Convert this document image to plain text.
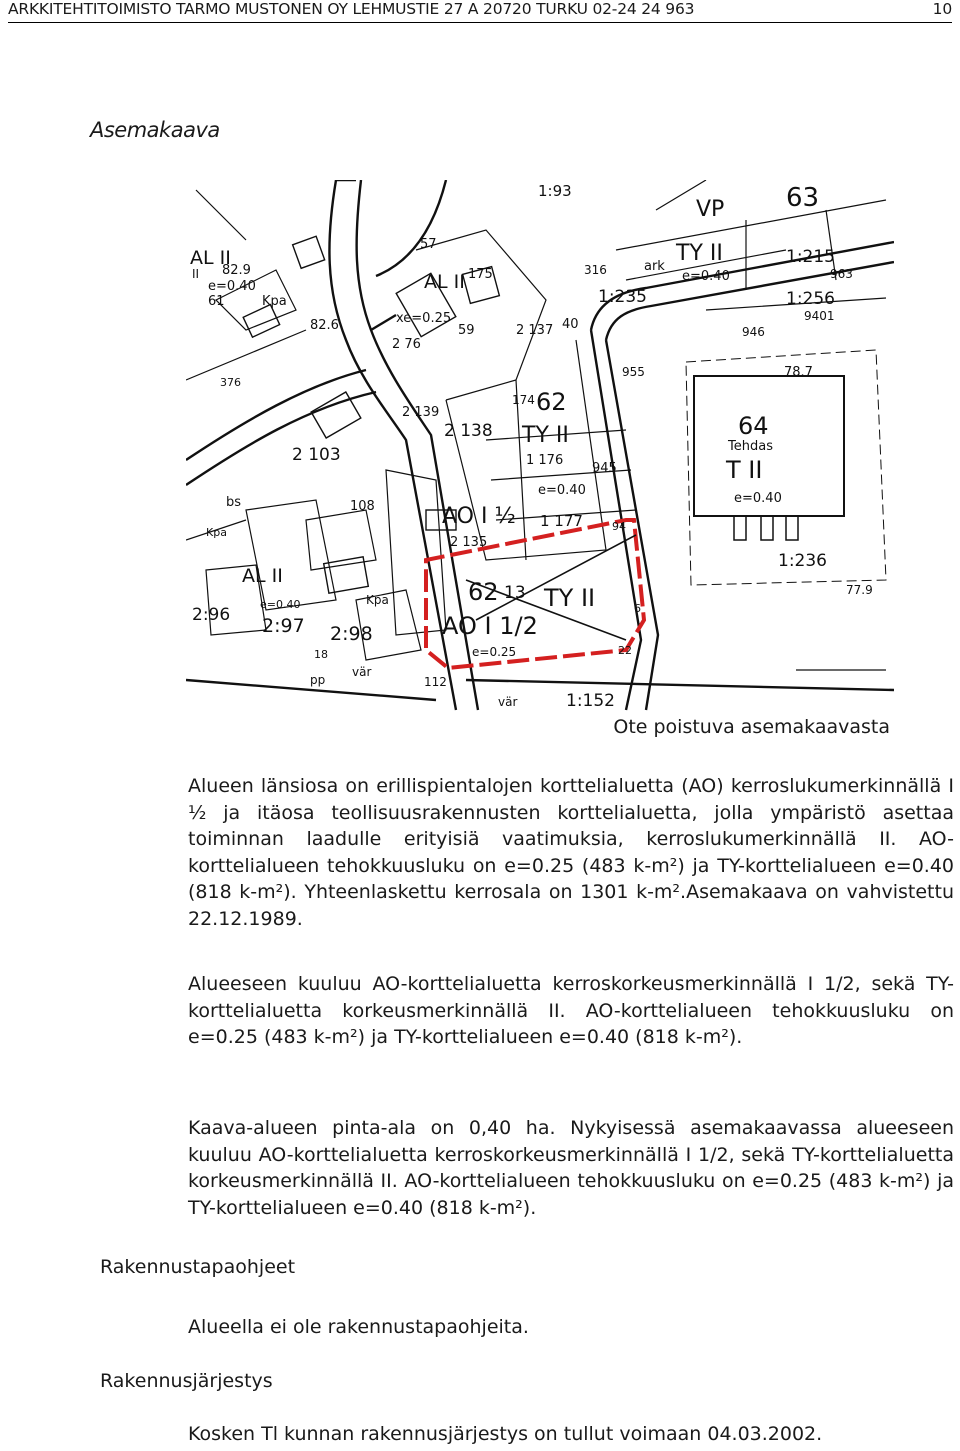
ARKKITEHTITOIMISTO TARMO MUSTONEN OY LEHMUSTIE 27 A 20720 TURKU 02-24 24 963	10
Asemakaava
AL II
II 82.9
e=0.40
61	Kpa
82.6
376
AL II 175
57
59
xe=0.25
2 76
2 139
2 138
2 103
bs
Kpa
108
40
2 137
174 62
TY II
1 176
e=0.40
945
AO I ½
2 135
1 177	94
1:93
VP
TY II
63
1:215
ark
e=0.40
316
1:235
963
1:256
9401
946
955	78.7
64
Tehdas
T II
e=0.40
1:236
77.9
AL II
2:96 2:97 2:98
Kpa
e=0.40
18
pp
vär
112
vär	1:152
6
22
62 13 TY II
AO I 1/2
e=0.25
Ote poistuva asemakaavasta
Alueen länsiosa on erillispientalojen korttelialuetta (AO) kerroslukumerkinnällä I ½ ja itäosa teollisuusrakennusten korttelialuetta, jolla ympäristö asettaa toiminnan laadulle erityisiä vaatimuksia, kerroslukumerkinnällä II. AO-korttelialueen tehokkuusluku on e=0.25 (483 k-m²) ja TY-korttelialueen e=0.40 (818 k-m²). Yhteenlaskettu kerrosala on 1301 k-m².Asemakaava on vahvistettu 22.12.1989.
Alueeseen kuuluu AO-korttelialuetta kerroskorkeusmerkinnällä I 1/2, sekä TY-korttelialuetta korkeusmerkinnällä II. AO-korttelialueen tehokkuusluku on e=0.25 (483 k-m²) ja TY-korttelialueen e=0.40 (818 k-m²).
Kaava-alueen pinta-ala on 0,40 ha. Nykyisessä asemakaavassa alueeseen kuuluu AO-korttelialuetta kerroskorkeusmerkinnällä I 1/2, sekä TY-korttelialuetta korkeusmerkinnällä II. AO-korttelialueen tehokkuusluku on e=0.25 (483 k-m²) ja TY-korttelialueen e=0.40 (818 k-m²).
Rakennustapaohjeet
Alueella ei ole rakennustapaohjeita.
Rakennusjärjestys
Kosken Tl kunnan rakennusjärjestys on tullut voimaan 04.03.2002.
